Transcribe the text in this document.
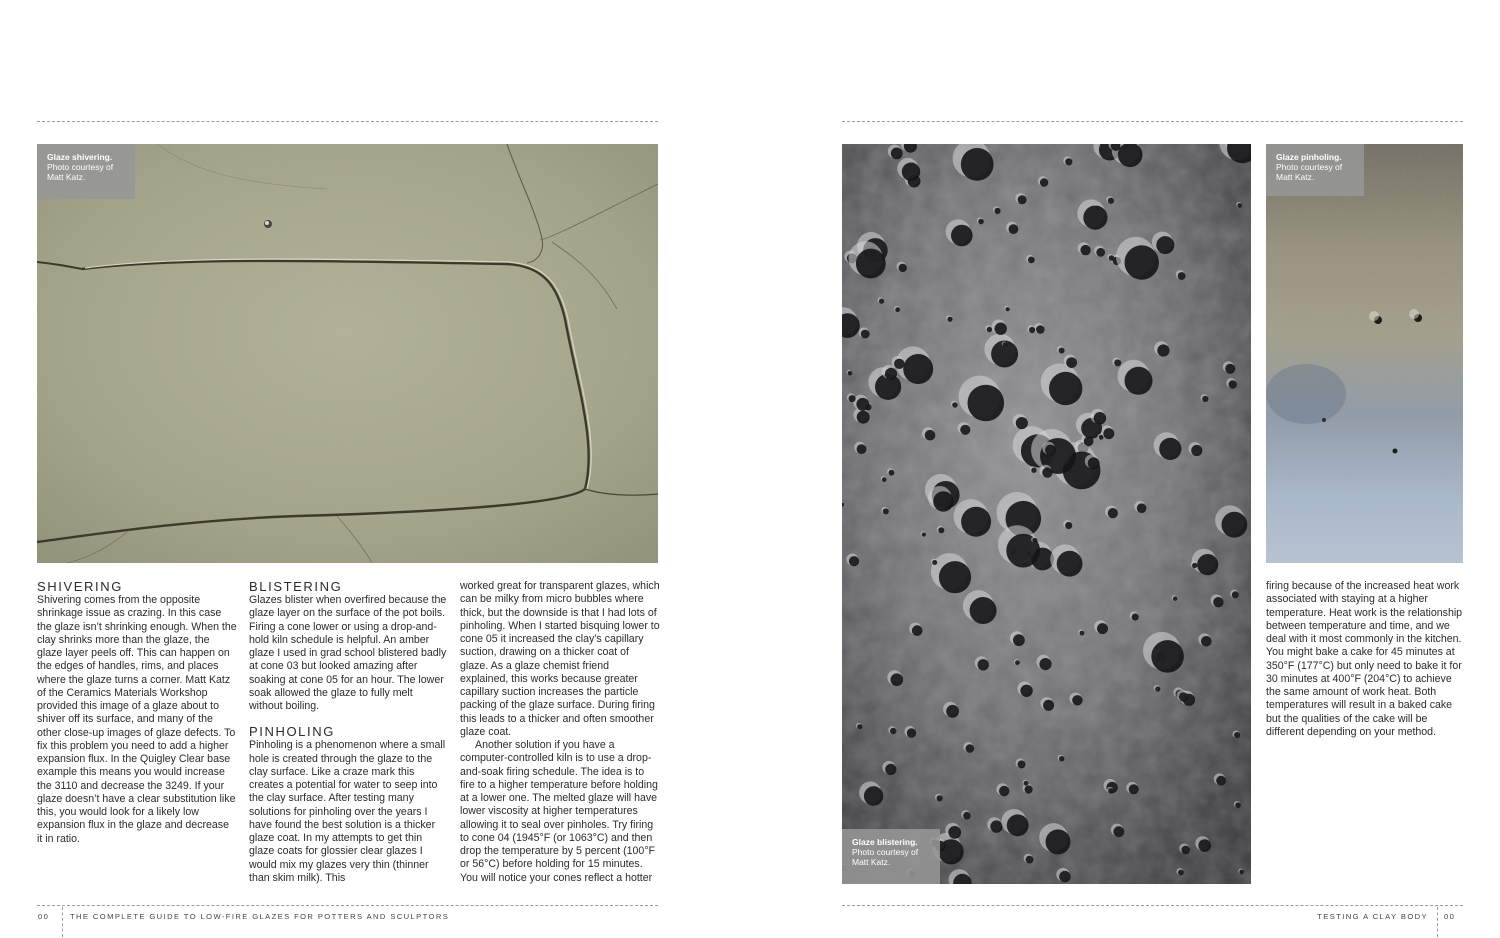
Glaze shivering.
Photo courtesy of
Matt Katz.
Glaze blistering.
Photo courtesy of
Matt Katz.
Glaze pinholing.
Photo courtesy of
Matt Katz.
SHIVERING

Shivering comes from the opposite shrinkage issue as crazing. In this case the glaze isn’t shrinking enough. When the clay shrinks more than the glaze, the glaze layer peels off. This can happen on the edges of handles, rims, and places where the glaze turns a corner. Matt Katz of the Ceramics Materials Workshop provided this image of a glaze about to shiver off its surface, and many of the other close-up images of glaze defects. To fix this problem you need to add a higher expansion flux. In the Quigley Clear base example this means you would increase the 3110 and decrease the 3249. If your glaze doesn’t have a clear substitution like this, you would look for a likely low expansion flux in the glaze and decrease it in ratio.

BLISTERING

Glazes blister when overfired because the glaze layer on the surface of the pot boils. Firing a cone lower or using a drop-and-hold kiln schedule is helpful. An amber glaze I used in grad school blistered badly at cone 03 but looked amazing after soaking at cone 05 for an hour. The lower soak allowed the glaze to fully melt without boiling.

PINHOLING

Pinholing is a phenomenon where a small hole is created through the glaze to the clay surface. Like a craze mark this creates a potential for water to seep into the clay surface. After testing many solutions for pinholing over the years I have found the best solution is a thicker glaze coat. In my attempts to get thin glaze coats for glossier clear glazes I would mix my glazes very thin (thinner than skim milk). This

worked great for transparent glazes, which can be milky from micro bubbles where thick, but the downside is that I had lots of pinholing. When I started bisquing lower to cone 05 it increased the clay’s capillary suction, drawing on a thicker coat of glaze. As a glaze chemist friend explained, this works because greater capillary suction increases the particle packing of the glaze surface. During firing this leads to a thicker and often smoother glaze coat.

Another solution if you have a computer-controlled kiln is to use a drop-and-soak firing schedule. The idea is to fire to a higher temperature before holding at a lower one. The melted glaze will have lower viscosity at higher temperatures allowing it to seal over pinholes. Try firing to cone 04 (1945°F (or 1063°C) and then drop the temperature by 5 percent (100°F or 56°C) before holding for 15 minutes. You will notice your cones reflect a hotter

firing because of the increased heat work associated with staying at a higher temperature. Heat work is the relationship between temperature and time, and we deal with it most commonly in the kitchen. You might bake a cake for 45 minutes at 350°F (177°C) but only need to bake it for 30 minutes at 400°F (204°C) to achieve the same amount of work heat. Both temperatures will result in a baked cake but the qualities of the cake will be different depending on your method.

00	THE COMPLETE GUIDE TO LOW-FIRE GLAZES FOR POTTERS AND SCULPTORS	TESTING A CLAY BODY 00
